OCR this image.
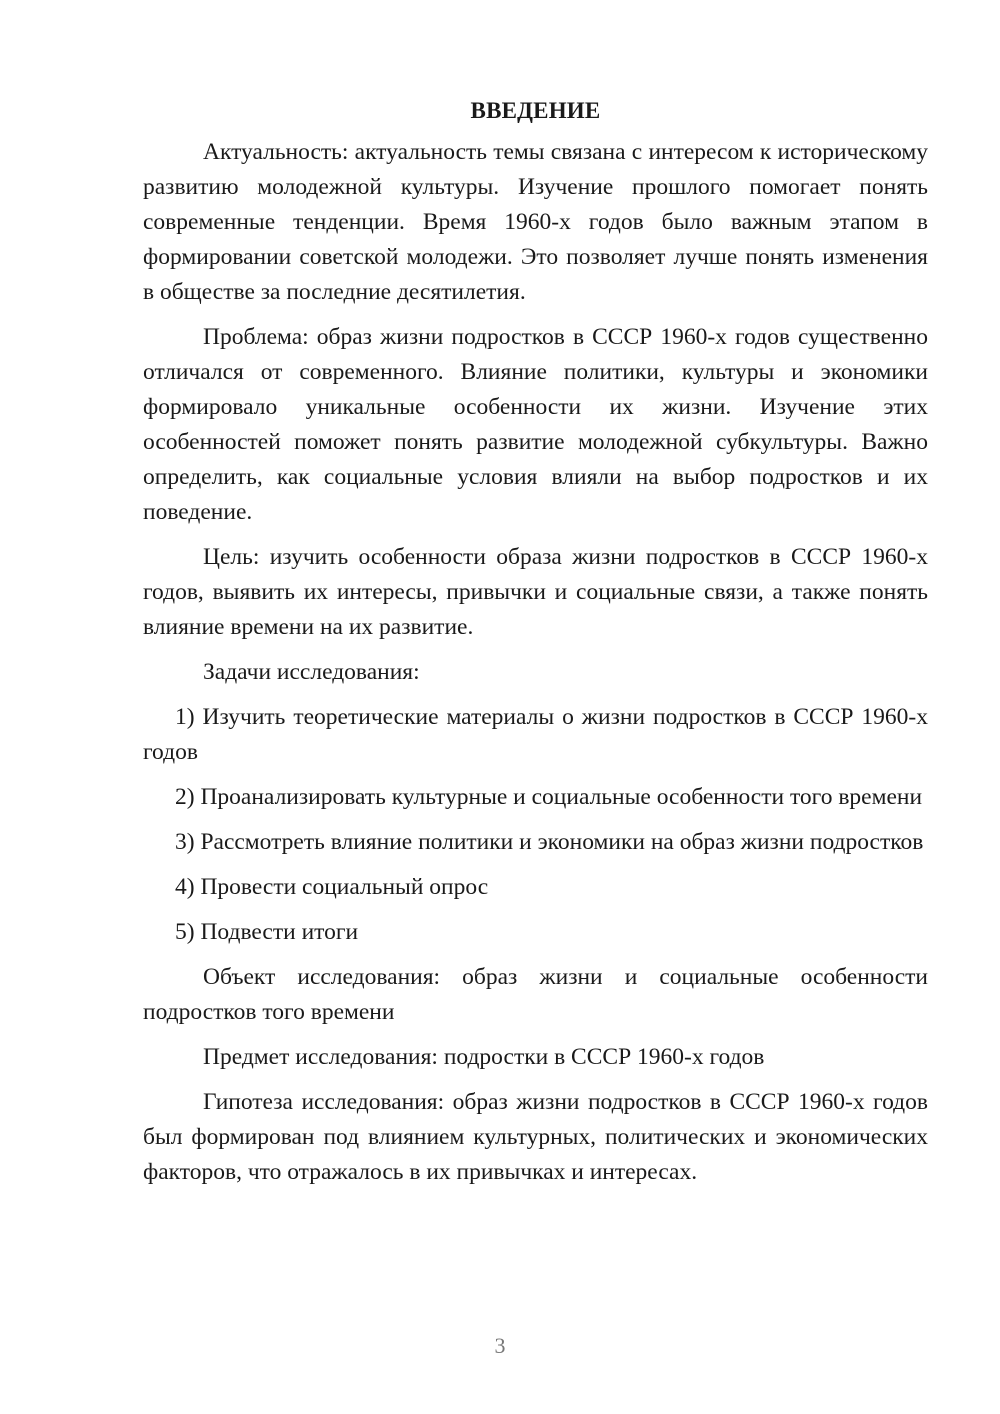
ВВЕДЕНИЕ

Актуальность: актуальность темы связана с интересом к историческому развитию молодежной культуры. Изучение прошлого помогает понять современные тенденции. Время 1960-х годов было важным этапом в формировании советской молодежи. Это позволяет лучше понять изменения в обществе за последние десятилетия.

Проблема: образ жизни подростков в СССР 1960-х годов существенно отличался от современного. Влияние политики, культуры и экономики формировало уникальные особенности их жизни. Изучение этих особенностей поможет понять развитие молодежной субкультуры. Важно определить, как социальные условия влияли на выбор подростков и их поведение.

Цель: изучить особенности образа жизни подростков в СССР 1960-х годов, выявить их интересы, привычки и социальные связи, а также понять влияние времени на их развитие.

Задачи исследования:

1) Изучить теоретические материалы о жизни подростков в СССР 1960-х годов

2) Проанализировать культурные и социальные особенности того времени

3) Рассмотреть влияние политики и экономики на образ жизни подростков

4) Провести социальный опрос

5) Подвести итоги

Объект исследования: образ жизни и социальные особенности подростков того времени

Предмет исследования: подростки в СССР 1960-х годов

Гипотеза исследования: образ жизни подростков в СССР 1960-х годов был формирован под влиянием культурных, политических и экономических факторов, что отражалось в их привычках и интересах.

3
